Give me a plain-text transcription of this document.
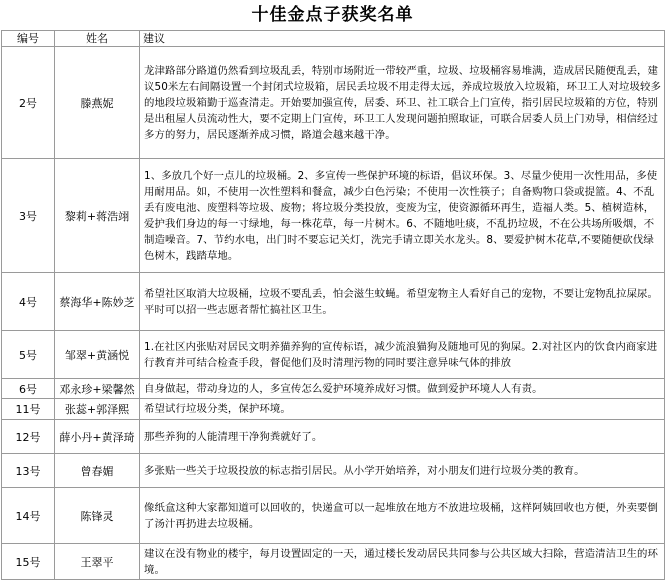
十佳金点子获奖名单
编号	姓名	建议
2号	滕燕妮	龙津路部分路道仍然看到垃圾乱丢，特别市场附近一带较严重，垃圾、垃圾桶容易堆满，造成居民随便乱丢，建议50米左右间隔设置一个封闭式垃圾箱，居民丢垃圾不用走得太远，养成垃圾放入垃圾箱，环卫工人对垃圾较多的地段垃圾箱勤于巡查清走。开始要加强宣传，居委、环卫、社工联合上门宣传，指引居民垃圾箱的方位，特别是出租屋人员流动性大，要不定期上门宣传，环卫工人发现问题拍照取证，可联合居委人员上门劝导，相信经过多方的努力，居民逐渐养成习惯，路道会越来越干净。
3号	黎莉+蒋浩翊	1、多放几个好一点儿的垃圾桶。2、多宣传一些保护环境的标语，倡议环保。3、尽量少使用一次性用品，多使用耐用品。如，不使用一次性塑料和餐盒，减少白色污染；不使用一次性筷子；自备购物口袋或提篮。4、不乱丢有废电池、废塑料等垃圾、废物；将垃圾分类投放，变废为宝，使资源循环再生，造福人类。5、植树造林，爱护我们身边的每一寸绿地，每一株花草，每一片树木。6、不随地吐痰，不乱扔垃圾，不在公共场所吸烟，不制造噪音。7、节约水电，出门时不要忘记关灯，洗完手请立即关水龙头。8、要爱护树木花草,不要随便砍伐绿色树木，践踏草地。
4号	蔡海华+陈妙芝	希望社区取消大垃圾桶，垃圾不要乱丢，怕会滋生蚊蝇。希望宠物主人看好自己的宠物，不要让宠物乱拉屎尿。平时可以招一些志愿者帮忙搞社区卫生。
5号	邹翠+黄涵悦	1.在社区内张贴对居民文明养猫养狗的宣传标语，减少流浪猫狗及随地可见的狗屎。2.对社区内的饮食内商家进行教育并可结合检查手段，督促他们及时清理污物的同时要注意异味气体的排放
6号	邓永珍+梁馨然	自身做起，带动身边的人，多宣传怎么爱护环境养成好习惯。做到爱护环境人人有责。
11号	张蕊+郭泽熙	希望试行垃圾分类，保护环境。
12号	薛小丹+黄泽琦	那些养狗的人能清理干净狗粪就好了。
13号	曾春媚	多张贴一些关于垃圾投放的标志指引居民。从小学开始培养，对小朋友们进行垃圾分类的教育。
14号	陈锋灵	像纸盒这种大家都知道可以回收的，快递盒可以一起堆放在地方不放进垃圾桶，这样阿姨回收也方便，外卖要倒了汤汁再扔进去垃圾桶。
15号	王翠平	建议在没有物业的楼宇，每月设置固定的一天，通过楼长发动居民共同参与公共区域大扫除，营造清洁卫生的环境。
